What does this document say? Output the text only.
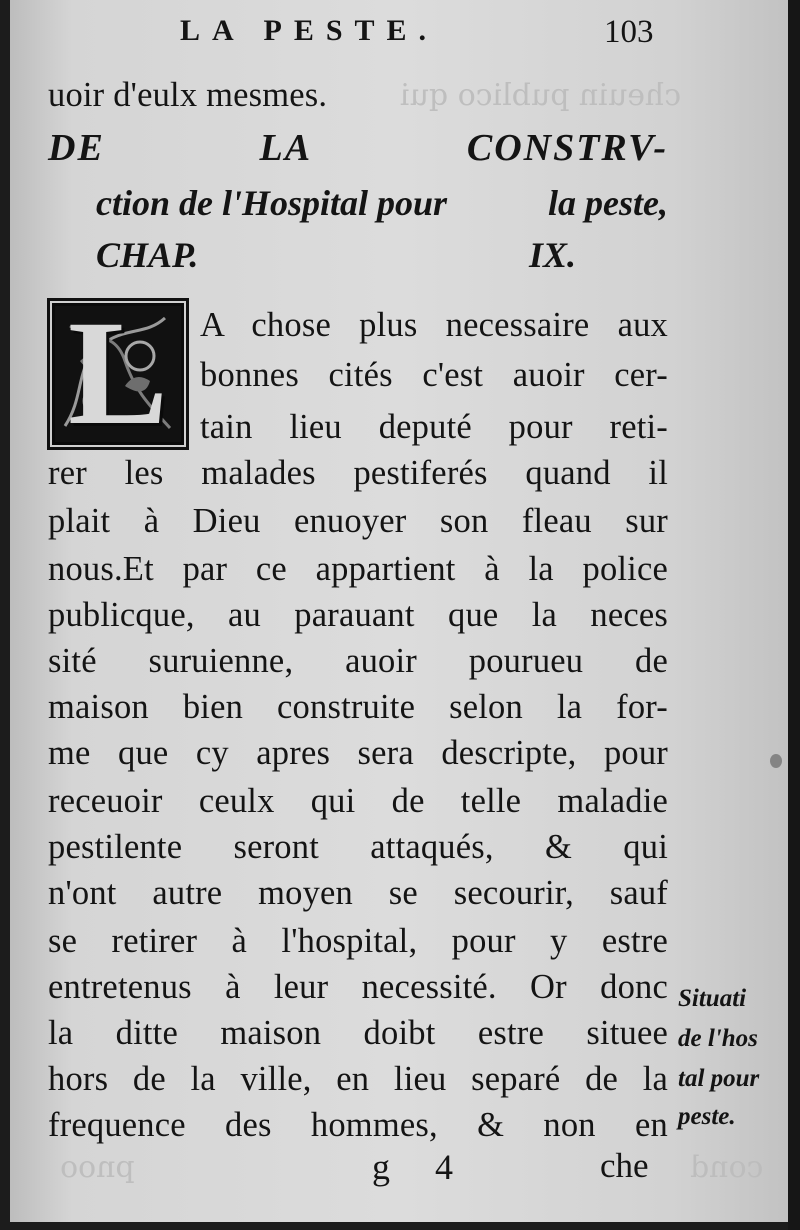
cheuin publico qui
pnoo	cond
LA PESTE.	103
uoir d'eulx mesmes.
DE	LA	CONSTRV-
ction de l'Hospital pour	la peste,
CHAP.	IX.
L A chose plus necessaire aux
bonnes cités c'est auoir cer-
tain lieu deputé pour reti-
rer les malades pestiferés quand il
plait à Dieu enuoyer son fleau sur
nous.Et par ce appartient à la police
publicque, au parauant que la neces
sité suruienne, auoir pourueu de
maison bien construite selon la for-
me que cy apres sera descripte, pour
receuoir ceulx qui de telle maladie
pestilente seront attaqués, & qui
n'ont autre moyen se secourir, sauf
se retirer à l'hospital, pour y estre
entretenus à leur necessité. Or donc
la ditte maison doibt estre situee
hors de la ville, en lieu separé de la
frequence des hommes, & non en
Situati
de l'hos
tal pour
peste.
g 4	che
